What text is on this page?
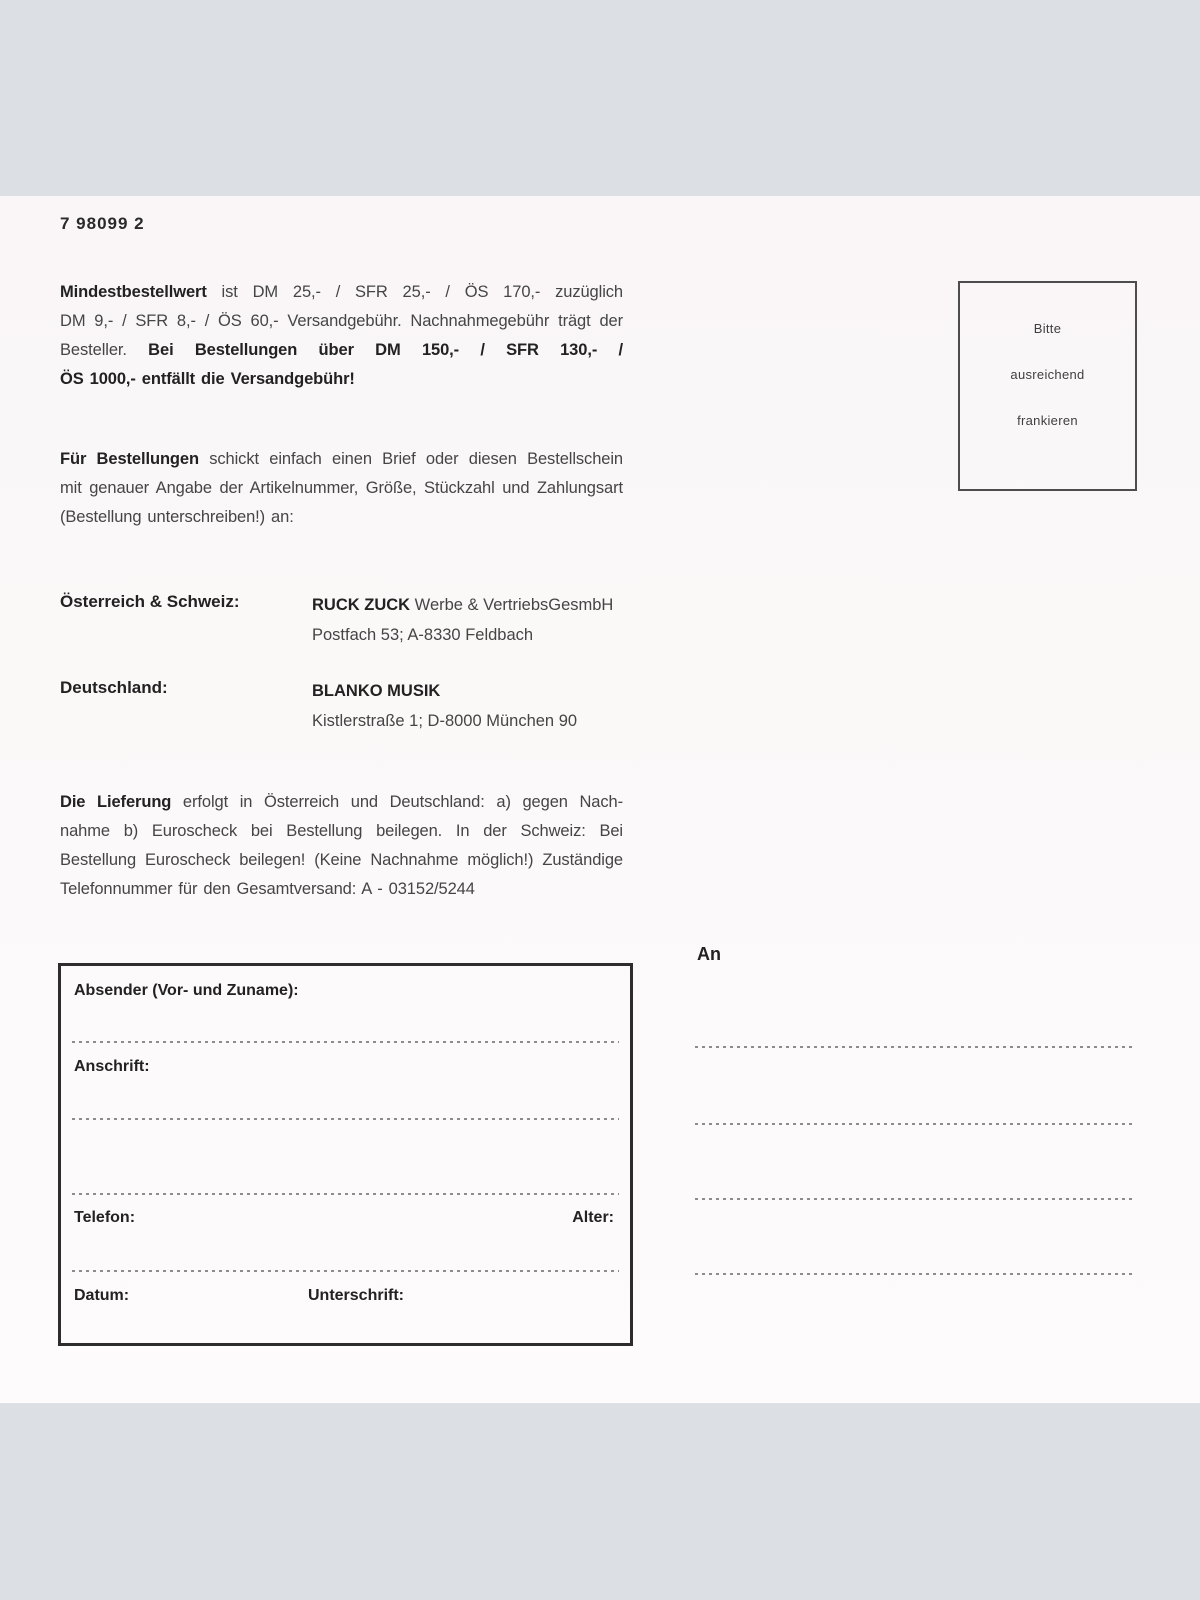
7 98099 2
Mindestbestellwert ist DM 25,- / SFR 25,- / ÖS 170,- zuzüglich
DM 9,- / SFR 8,- / ÖS 60,- Versandgebühr. Nachnahmegebühr trägt der
Besteller. Bei Bestellungen über DM 150,- / SFR 130,- /
ÖS 1000,- entfällt die Versandgebühr!
Für Bestellungen schickt einfach einen Brief oder diesen Bestellschein
mit genauer Angabe der Artikelnummer, Größe, Stückzahl und Zahlungsart
(Bestellung unterschreiben!) an:
Österreich & Schweiz:	RUCK ZUCK Werbe & VertriebsGesmbH
Postfach 53; A-8330 Feldbach
Deutschland:	BLANKO MUSIK
Kistlerstraße 1; D-8000 München 90
Die Lieferung erfolgt in Österreich und Deutschland: a) gegen Nach-
nahme b) Euroscheck bei Bestellung beilegen. In der Schweiz: Bei
Bestellung Euroscheck beilegen! (Keine Nachnahme möglich!) Zuständige
Telefonnummer für den Gesamtversand: A - 03152/5244
Bitte
ausreichend
frankieren
Absender (Vor- und Zuname):
Anschrift:
Telefon:	Alter:
Datum:	Unterschrift:
An
